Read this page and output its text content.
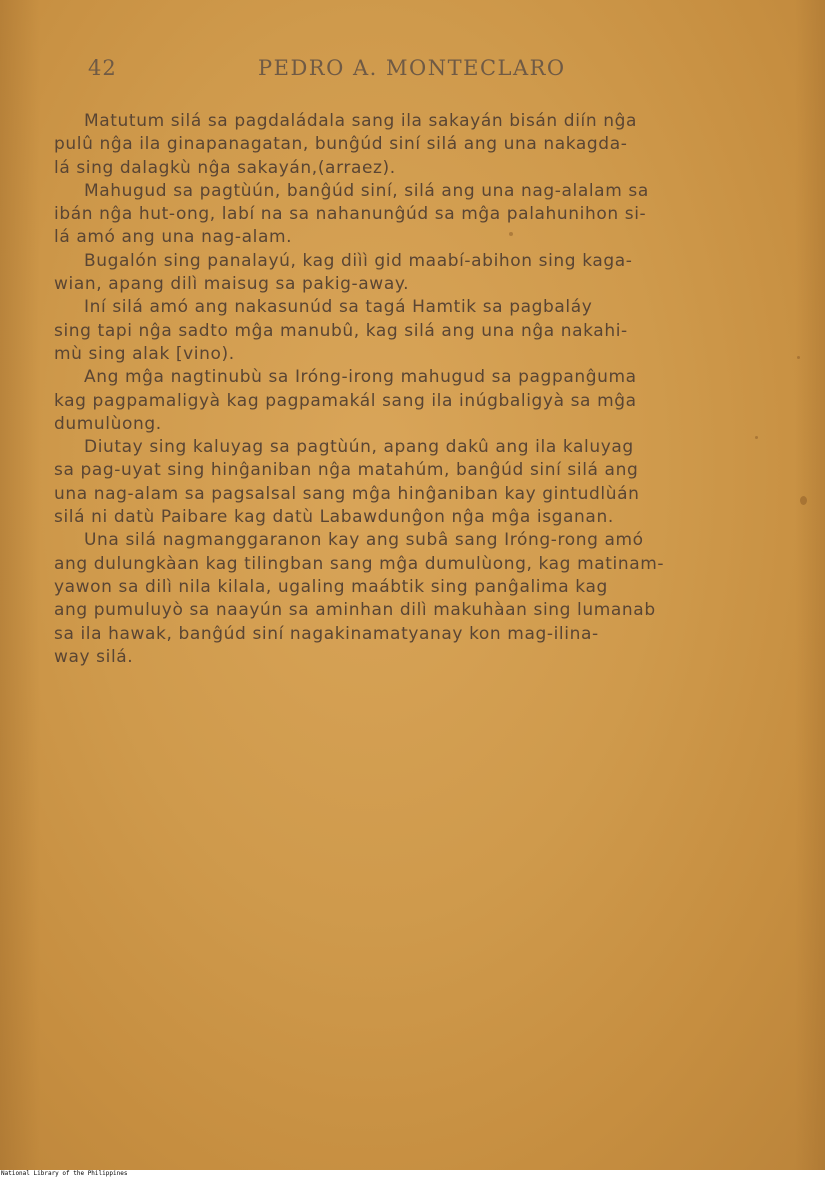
42	PEDRO A. MONTECLARO
Matutum silá sa pagdaládala sang ila sakayán bisán diín nĝa
pulû nĝa ila ginapanagatan, bunĝúd siní silá ang una nakagda-
lá sing dalagkù nĝa sakayán,(arraez).
Mahugud sa pagtùún, banĝúd siní, silá ang una nag-alalam sa
ibán nĝa hut-ong, labí na sa nahanunĝúd sa mĝa palahunihon si-
lá amó ang una nag-alam.
Bugalón sing panalayú, kag diìì gid maabí-abihon sing kaga-
wian, apang dilì maisug sa pakig-away.
Iní silá amó ang nakasunúd sa tagá Hamtik sa pagbaláy
sing tapi nĝa sadto mĝa manubû, kag silá ang una nĝa nakahi-
mù sing alak [vino).
Ang mĝa nagtinubù sa Iróng-irong mahugud sa pagpanĝuma
kag pagpamaligyà kag pagpamakál sang ila inúgbaligyà sa mĝa
dumulùong.
Diutay sing kaluyag sa pagtùún, apang dakû ang ila kaluyag
sa pag-uyat sing hinĝaniban nĝa matahúm, banĝúd siní silá ang
una nag-alam sa pagsalsal sang mĝa hinĝaniban kay gintudlùán
silá ni datù Paibare kag datù Labawdunĝon nĝa mĝa isganan.
Una silá nagmanggaranon kay ang subâ sang Iróng-rong amó
ang dulungkàan kag tilingban sang mĝa dumulùong, kag matinam-
yawon sa dilì nila kilala, ugaling maábtik sing panĝalima kag
ang pumuluyò sa naayún sa aminhan dilì makuhàan sing lumanab
sa ila hawak, banĝúd siní nagakinamatyanay kon mag-ilina-
way silá.
National Library of the Philippines
